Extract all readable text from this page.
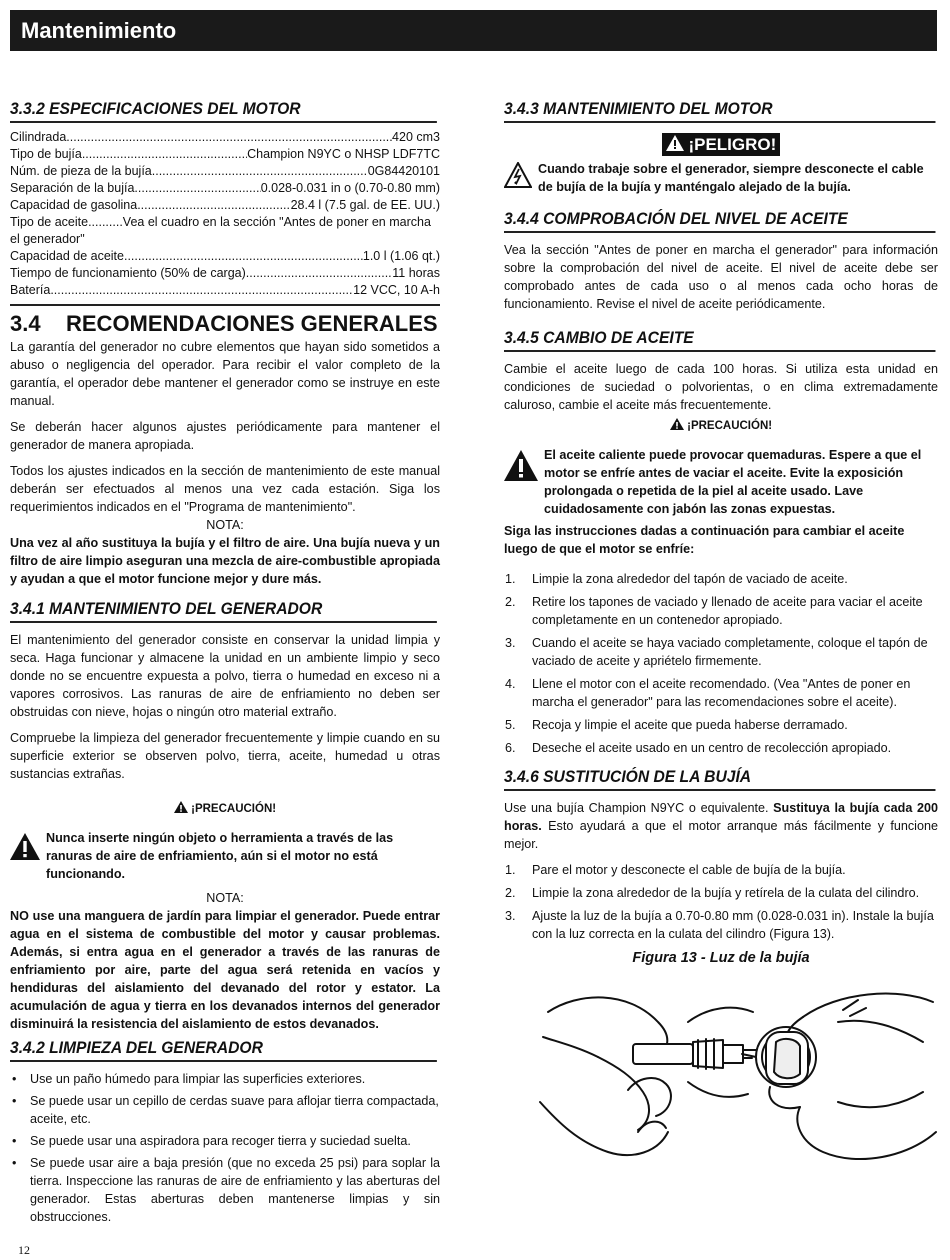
Mantenimiento
3.3.2 ESPECIFICACIONES DEL MOTOR
Cilindrada .....	420 cm3
Tipo de bujía .....	Champion N9YC o NHSP LDF7TC
Núm. de pieza de la bujía .....	0G84420101
Separación de la bujía .....	0.028-0.031 in o (0.70-0.80 mm)
Capacidad de gasolina .....	28.4 l (7.5 gal. de EE. UU.)
Tipo de aceite..........Vea el cuadro en la sección "Antes de poner en marcha el generador"
Capacidad de aceite .....	1.0 l (1.06 qt.)
Tiempo de funcionamiento (50% de carga) .....	11 horas
Batería .....	12 VCC, 10 A-h
3.4 RECOMENDACIONES GENERALES

La garantía del generador no cubre elementos que hayan sido sometidos a abuso o negligencia del operador. Para recibir el valor completo de la garantía, el operador debe mantener el generador como se instruye en este manual.

Se deberán hacer algunos ajustes periódicamente para mantener el generador de manera apropiada.

Todos los ajustes indicados en la sección de mantenimiento de este manual deberán ser efectuados al menos una vez cada estación. Siga los requerimientos indicados en el "Programa de mantenimiento".

NOTA:

Una vez al año sustituya la bujía y el filtro de aire. Una bujía nueva y un filtro de aire limpio aseguran una mezcla de aire-combustible apropiada y ayudan a que el motor funcione mejor y dure más.

3.4.1 MANTENIMIENTO DEL GENERADOR

El mantenimiento del generador consiste en conservar la unidad limpia y seca. Haga funcionar y almacene la unidad en un ambiente limpio y seco donde no se encuentre expuesta a polvo, tierra o humedad en exceso ni a vapores corrosivos. Las ranuras de aire de enfriamiento no deben ser obstruidas con nieve, hojas o ningún otro material extraño.

Compruebe la limpieza del generador frecuentemente y limpie cuando en su superficie exterior se observen polvo, tierra, aceite, humedad u otras sustancias extrañas.

¡PRECAUCIÓN!

Nunca inserte ningún objeto o herramienta a través de las ranuras de aire de enfriamiento, aún si el motor no está funcionando.

NOTA:

NO use una manguera de jardín para limpiar el generador. Puede entrar agua en el sistema de combustible del motor y causar problemas. Además, si entra agua en el generador a través de las ranuras de enfriamiento por aire, parte del agua será retenida en vacíos y hendiduras del aislamiento del devanado del rotor y estator. La acumulación de agua y tierra en los devanados internos del generador disminuirá la resistencia del aislamiento de estos devanados.

3.4.2 LIMPIEZA DEL GENERADOR
• Use un paño húmedo para limpiar las superficies exteriores.
• Se puede usar un cepillo de cerdas suave para aflojar tierra compactada, aceite, etc.
• Se puede usar una aspiradora para recoger tierra y suciedad suelta.
• Se puede usar aire a baja presión (que no exceda 25 psi) para soplar la tierra. Inspeccione las ranuras de aire de enfriamiento y las aberturas del generador. Estas aberturas deben mantenerse limpias y sin obstrucciones.
3.4.3 MANTENIMIENTO DEL MOTOR
¡PELIGRO!

Cuando trabaje sobre el generador, siempre desconecte el cable de bujía de la bujía y manténgalo alejado de la bujía.

3.4.4 COMPROBACIÓN DEL NIVEL DE ACEITE

Vea la sección "Antes de poner en marcha el generador" para información sobre la comprobación del nivel de aceite. El nivel de aceite debe ser comprobado antes de cada uso o al menos cada ocho horas de funcionamiento. Revise el nivel de aceite periódicamente.

3.4.5 CAMBIO DE ACEITE

Cambie el aceite luego de cada 100 horas. Si utiliza esta unidad en condiciones de suciedad o polvorientas, o en clima extremadamente caluroso, cambie el aceite más frecuentemente.

¡PRECAUCIÓN!

El aceite caliente puede provocar quemaduras. Espere a que el motor se enfríe antes de vaciar el aceite. Evite la exposición prolongada o repetida de la piel al aceite usado. Lave cuidadosamente con jabón las zonas expuestas.

Siga las instrucciones dadas a continuación para cambiar el aceite luego de que el motor se enfríe:

1. Limpie la zona alrededor del tapón de vaciado de aceite.
2. Retire los tapones de vaciado y llenado de aceite para vaciar el aceite completamente en un contenedor apropiado.
3. Cuando el aceite se haya vaciado completamente, coloque el tapón de vaciado de aceite y apriételo firmemente.
4. Llene el motor con el aceite recomendado. (Vea "Antes de poner en marcha el generador" para las recomendaciones sobre el aceite).
5. Recoja y limpie el aceite que pueda haberse derramado.
6. Deseche el aceite usado en un centro de recolección apropiado.
3.4.6 SUSTITUCIÓN DE LA BUJÍA

Use una bujía Champion N9YC o equivalente. Sustituya la bujía cada 200 horas. Esto ayudará a que el motor arranque más fácilmente y funcione mejor.

1. Pare el motor y desconecte el cable de bujía de la bujía.
2. Limpie la zona alrededor de la bujía y retírela de la culata del cilindro.
3. Ajuste la luz de la bujía a 0.70-0.80 mm (0.028-0.031 in). Instale la bujía con la luz correcta en la culata del cilindro (Figura 13).
Figura 13 - Luz de la bujía
12
